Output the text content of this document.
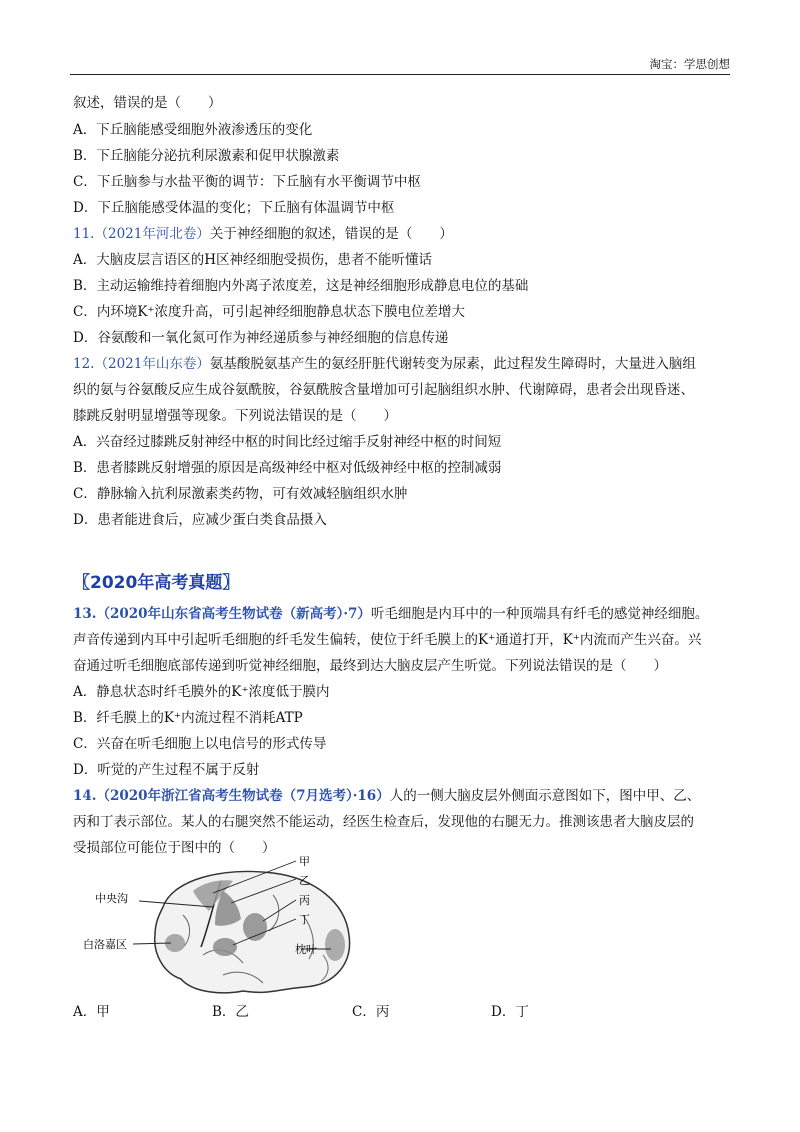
淘宝：学思创想
叙述，错误的是（　　）
A．下丘脑能感受细胞外液渗透压的变化
B．下丘脑能分泌抗利尿激素和促甲状腺激素
C．下丘脑参与水盐平衡的调节：下丘脑有水平衡调节中枢
D．下丘脑能感受体温的变化；下丘脑有体温调节中枢
11.（2021年河北卷）关于神经细胞的叙述，错误的是（　　）
A．大脑皮层言语区的H区神经细胞受损伤，患者不能听懂话
B．主动运输维持着细胞内外离子浓度差，这是神经细胞形成静息电位的基础
C．内环境K⁺浓度升高，可引起神经细胞静息状态下膜电位差增大
D．谷氨酸和一氧化氮可作为神经递质参与神经细胞的信息传递
12.（2021年山东卷）氨基酸脱氨基产生的氨经肝脏代谢转变为尿素，此过程发生障碍时，大量进入脑组
织的氨与谷氨酸反应生成谷氨酰胺，谷氨酰胺含量增加可引起脑组织水肿、代谢障碍，患者会出现昏迷、
膝跳反射明显增强等现象。下列说法错误的是（　　）
A．兴奋经过膝跳反射神经中枢的时间比经过缩手反射神经中枢的时间短
B．患者膝跳反射增强的原因是高级神经中枢对低级神经中枢的控制减弱
C．静脉输入抗利尿激素类药物，可有效减轻脑组织水肿
D．患者能进食后，应减少蛋白类食品摄入
〖2020年高考真题〗
13.（2020年山东省高考生物试卷（新高考）·7）听毛细胞是内耳中的一种顶端具有纤毛的感觉神经细胞。
声音传递到内耳中引起听毛细胞的纤毛发生偏转，使位于纤毛膜上的K⁺通道打开，K⁺内流而产生兴奋。兴
奋通过听毛细胞底部传递到听觉神经细胞，最终到达大脑皮层产生听觉。下列说法错误的是（　　）
A．静息状态时纤毛膜外的K⁺浓度低于膜内
B．纤毛膜上的K⁺内流过程不消耗ATP
C．兴奋在听毛细胞上以电信号的形式传导
D．听觉的产生过程不属于反射
14.（2020年浙江省高考生物试卷（7月选考）·16）人的一侧大脑皮层外侧面示意图如下，图中甲、乙、
丙和丁表示部位。某人的右腿突然不能运动，经医生检查后，发现他的右腿无力。推测该患者大脑皮层的
受损部位可能位于图中的（　　）
中央沟
白洛嘉区
甲
乙
丙
丁
枕叶
A．甲	B．乙	C．丙	D．丁
